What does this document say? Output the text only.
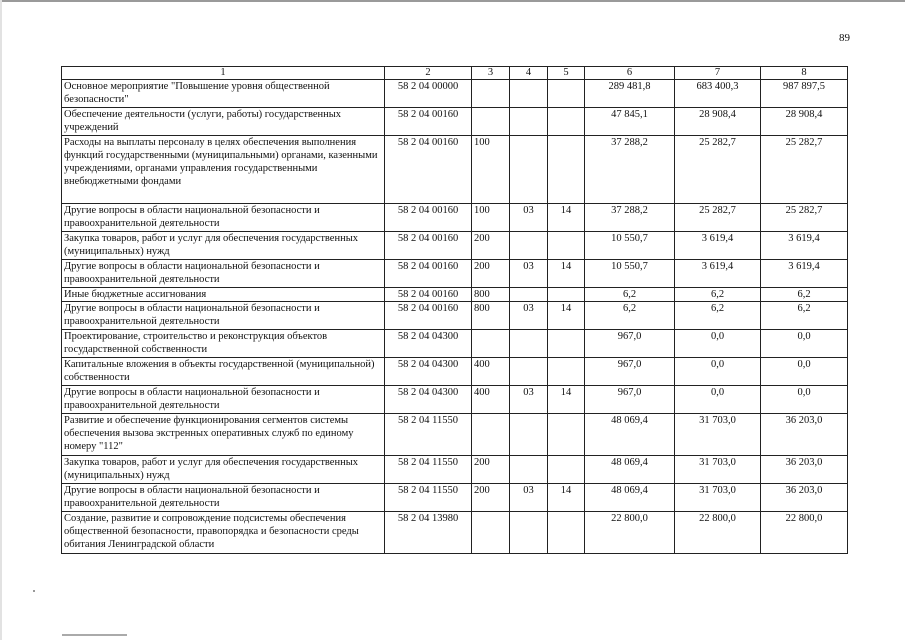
89
1	2	3	4	5	6	7	8
Основное мероприятие "Повышение уровня общественной безопасности"	58 2 04 00000				289 481,8	683 400,3	987 897,5
Обеспечение деятельности (услуги, работы) государственных учреждений	58 2 04 00160				47 845,1	28 908,4	28 908,4
Расходы на выплаты персоналу в целях обеспечения выполнения функций государственными (муниципальными) органами, казенными учреждениями, органами управления государственными внебюджетными фондами	58 2 04 00160	100			37 288,2	25 282,7	25 282,7
Другие вопросы в области национальной безопасности и правоохранительной деятельности	58 2 04 00160	100	03	14	37 288,2	25 282,7	25 282,7
Закупка товаров, работ и услуг для обеспечения государственных (муниципальных) нужд	58 2 04 00160	200			10 550,7	3 619,4	3 619,4
Другие вопросы в области национальной безопасности и правоохранительной деятельности	58 2 04 00160	200	03	14	10 550,7	3 619,4	3 619,4
Иные бюджетные ассигнования	58 2 04 00160	800			6,2	6,2	6,2
Другие вопросы в области национальной безопасности и правоохранительной деятельности	58 2 04 00160	800	03	14	6,2	6,2	6,2
Проектирование, строительство и реконструкция объектов государственной собственности	58 2 04 04300				967,0	0,0	0,0
Капитальные вложения в объекты государственной (муниципальной) собственности	58 2 04 04300	400			967,0	0,0	0,0
Другие вопросы в области национальной безопасности и правоохранительной деятельности	58 2 04 04300	400	03	14	967,0	0,0	0,0
Развитие и обеспечение функционирования сегментов системы обеспечения вызова экстренных оперативных служб по единому номеру "112"	58 2 04 11550				48 069,4	31 703,0	36 203,0
Закупка товаров, работ и услуг для обеспечения государственных (муниципальных) нужд	58 2 04 11550	200			48 069,4	31 703,0	36 203,0
Другие вопросы в области национальной безопасности и правоохранительной деятельности	58 2 04 11550	200	03	14	48 069,4	31 703,0	36 203,0
Создание, развитие и сопровождение подсистемы обеспечения общественной безопасности, правопорядка и безопасности среды обитания Ленинградской области	58 2 04 13980				22 800,0	22 800,0	22 800,0
